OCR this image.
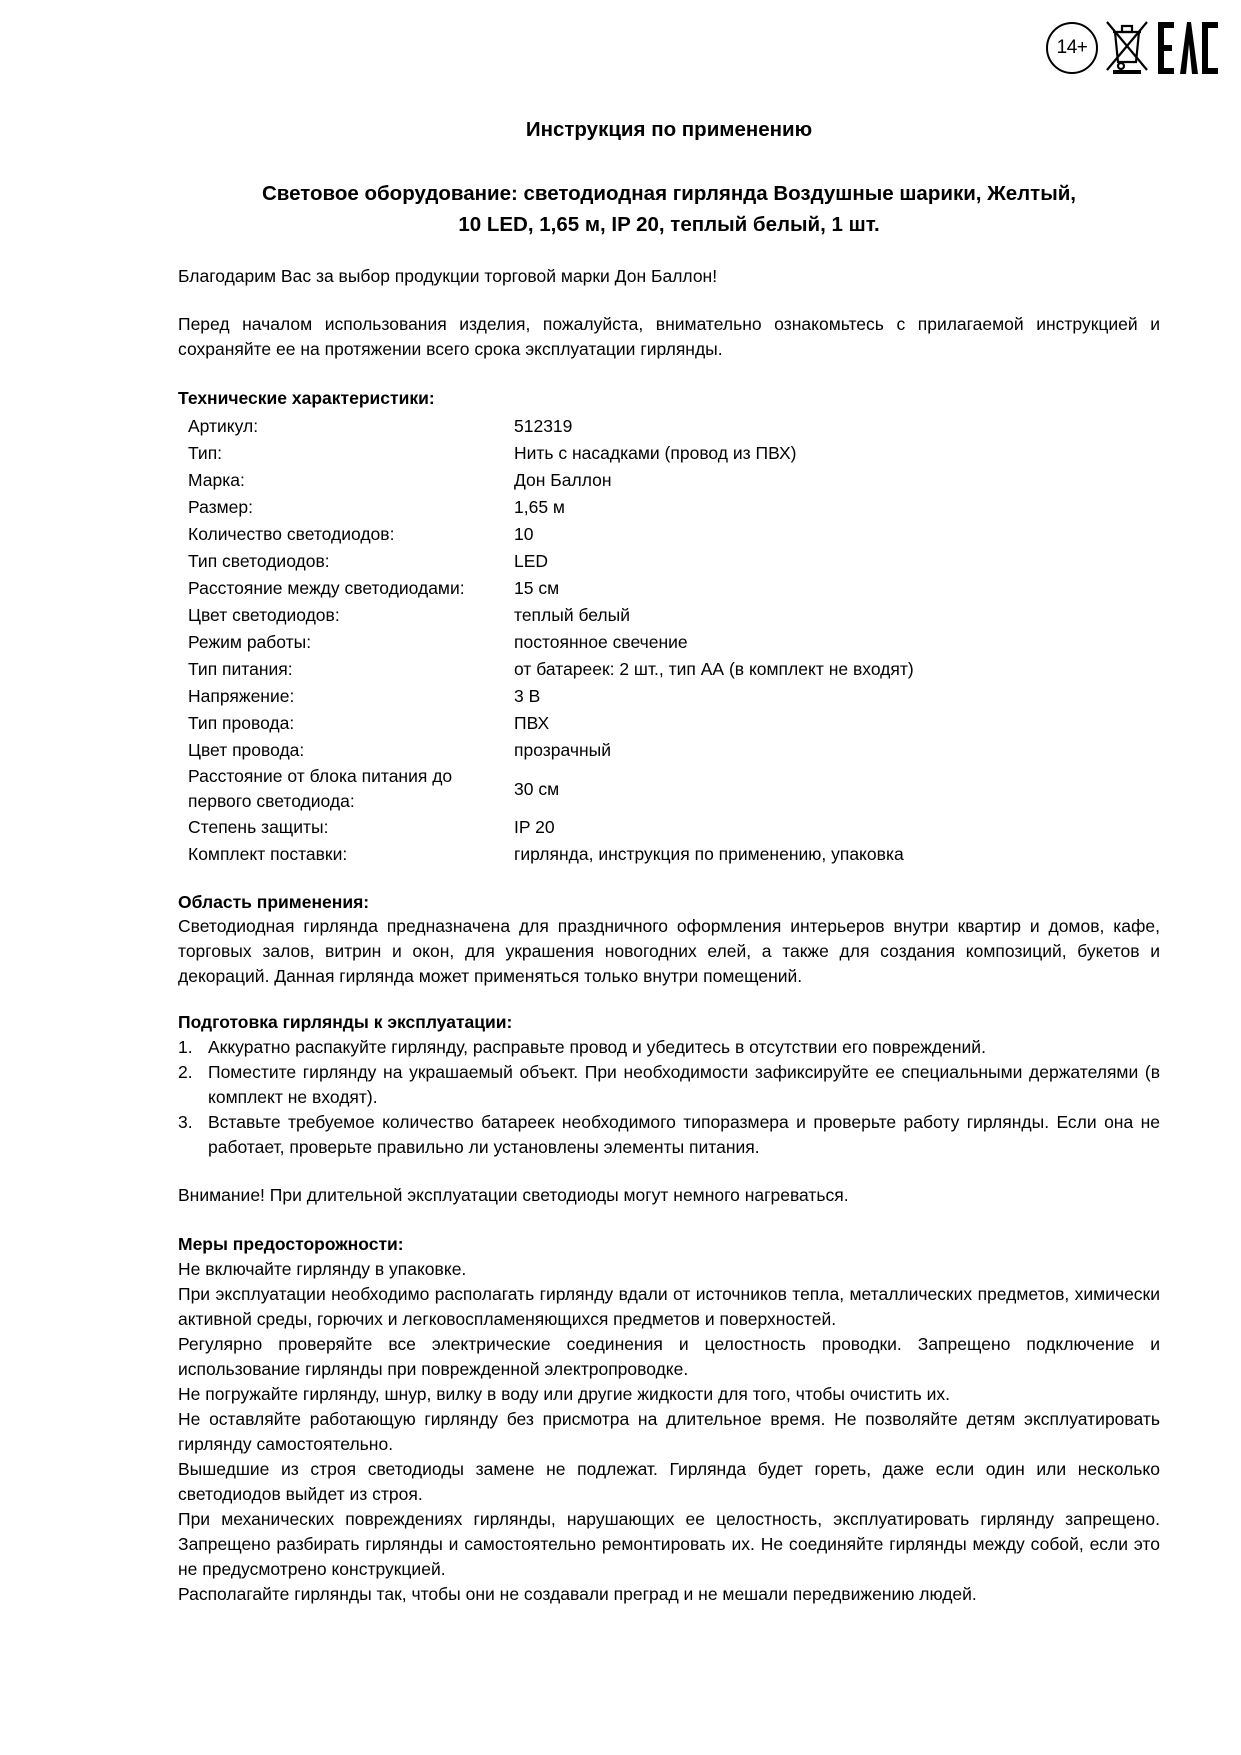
14+
Инструкция по применению
Световое оборудование: светодиодная гирлянда Воздушные шарики, Желтый,
10 LED, 1,65 м, IP 20, теплый белый, 1 шт.
Благодарим Вас за выбор продукции торговой марки Дон Баллон!
Перед началом использования изделия, пожалуйста, внимательно ознакомьтесь с прилагаемой инструкцией и сохраняйте ее на протяжении всего срока эксплуатации гирлянды.
Технические характеристики:
Артикул:	512319
Тип:	Нить с насадками (провод из ПВХ)
Марка:	Дон Баллон
Размер:	1,65 м
Количество светодиодов:	10
Тип светодиодов:	LED
Расстояние между светодиодами:	15 см
Цвет светодиодов:	теплый белый
Режим работы:	постоянное свечение
Тип питания:	от батареек: 2 шт., тип АА (в комплект не входят)
Напряжение:	3 В
Тип провода:	ПВХ
Цвет провода:	прозрачный
Расстояние от блока питания до первого светодиода:	30 см
Степень защиты:	IP 20
Комплект поставки:	гирлянда, инструкция по применению, упаковка
Область применения:
Светодиодная гирлянда предназначена для праздничного оформления интерьеров внутри квартир и домов, кафе, торговых залов, витрин и окон, для украшения новогодних елей, а также для создания композиций, букетов и декораций. Данная гирлянда может применяться только внутри помещений.
Подготовка гирлянды к эксплуатации:
1. Аккуратно распакуйте гирлянду, расправьте провод и убедитесь в отсутствии его повреждений.
2. Поместите гирлянду на украшаемый объект. При необходимости зафиксируйте ее специальными держателями (в комплект не входят).
3. Вставьте требуемое количество батареек необходимого типоразмера и проверьте работу гирлянды. Если она не работает, проверьте правильно ли установлены элементы питания.
Внимание! При длительной эксплуатации светодиоды могут немного нагреваться.
Меры предосторожности:
Не включайте гирлянду в упаковке.
При эксплуатации необходимо располагать гирлянду вдали от источников тепла, металлических предметов, химически активной среды, горючих и легковоспламеняющихся предметов и поверхностей.
Регулярно проверяйте все электрические соединения и целостность проводки. Запрещено подключение и использование гирлянды при поврежденной электропроводке.
Не погружайте гирлянду, шнур, вилку в воду или другие жидкости для того, чтобы очистить их.
Не оставляйте работающую гирлянду без присмотра на длительное время. Не позволяйте детям эксплуатировать гирлянду самостоятельно.
Вышедшие из строя светодиоды замене не подлежат. Гирлянда будет гореть, даже если один или несколько светодиодов выйдет из строя.
При механических повреждениях гирлянды, нарушающих ее целостность, эксплуатировать гирлянду запрещено. Запрещено разбирать гирлянды и самостоятельно ремонтировать их. Не соединяйте гирлянды между собой, если это не предусмотрено конструкцией.
Располагайте гирлянды так, чтобы они не создавали преград и не мешали передвижению людей.
